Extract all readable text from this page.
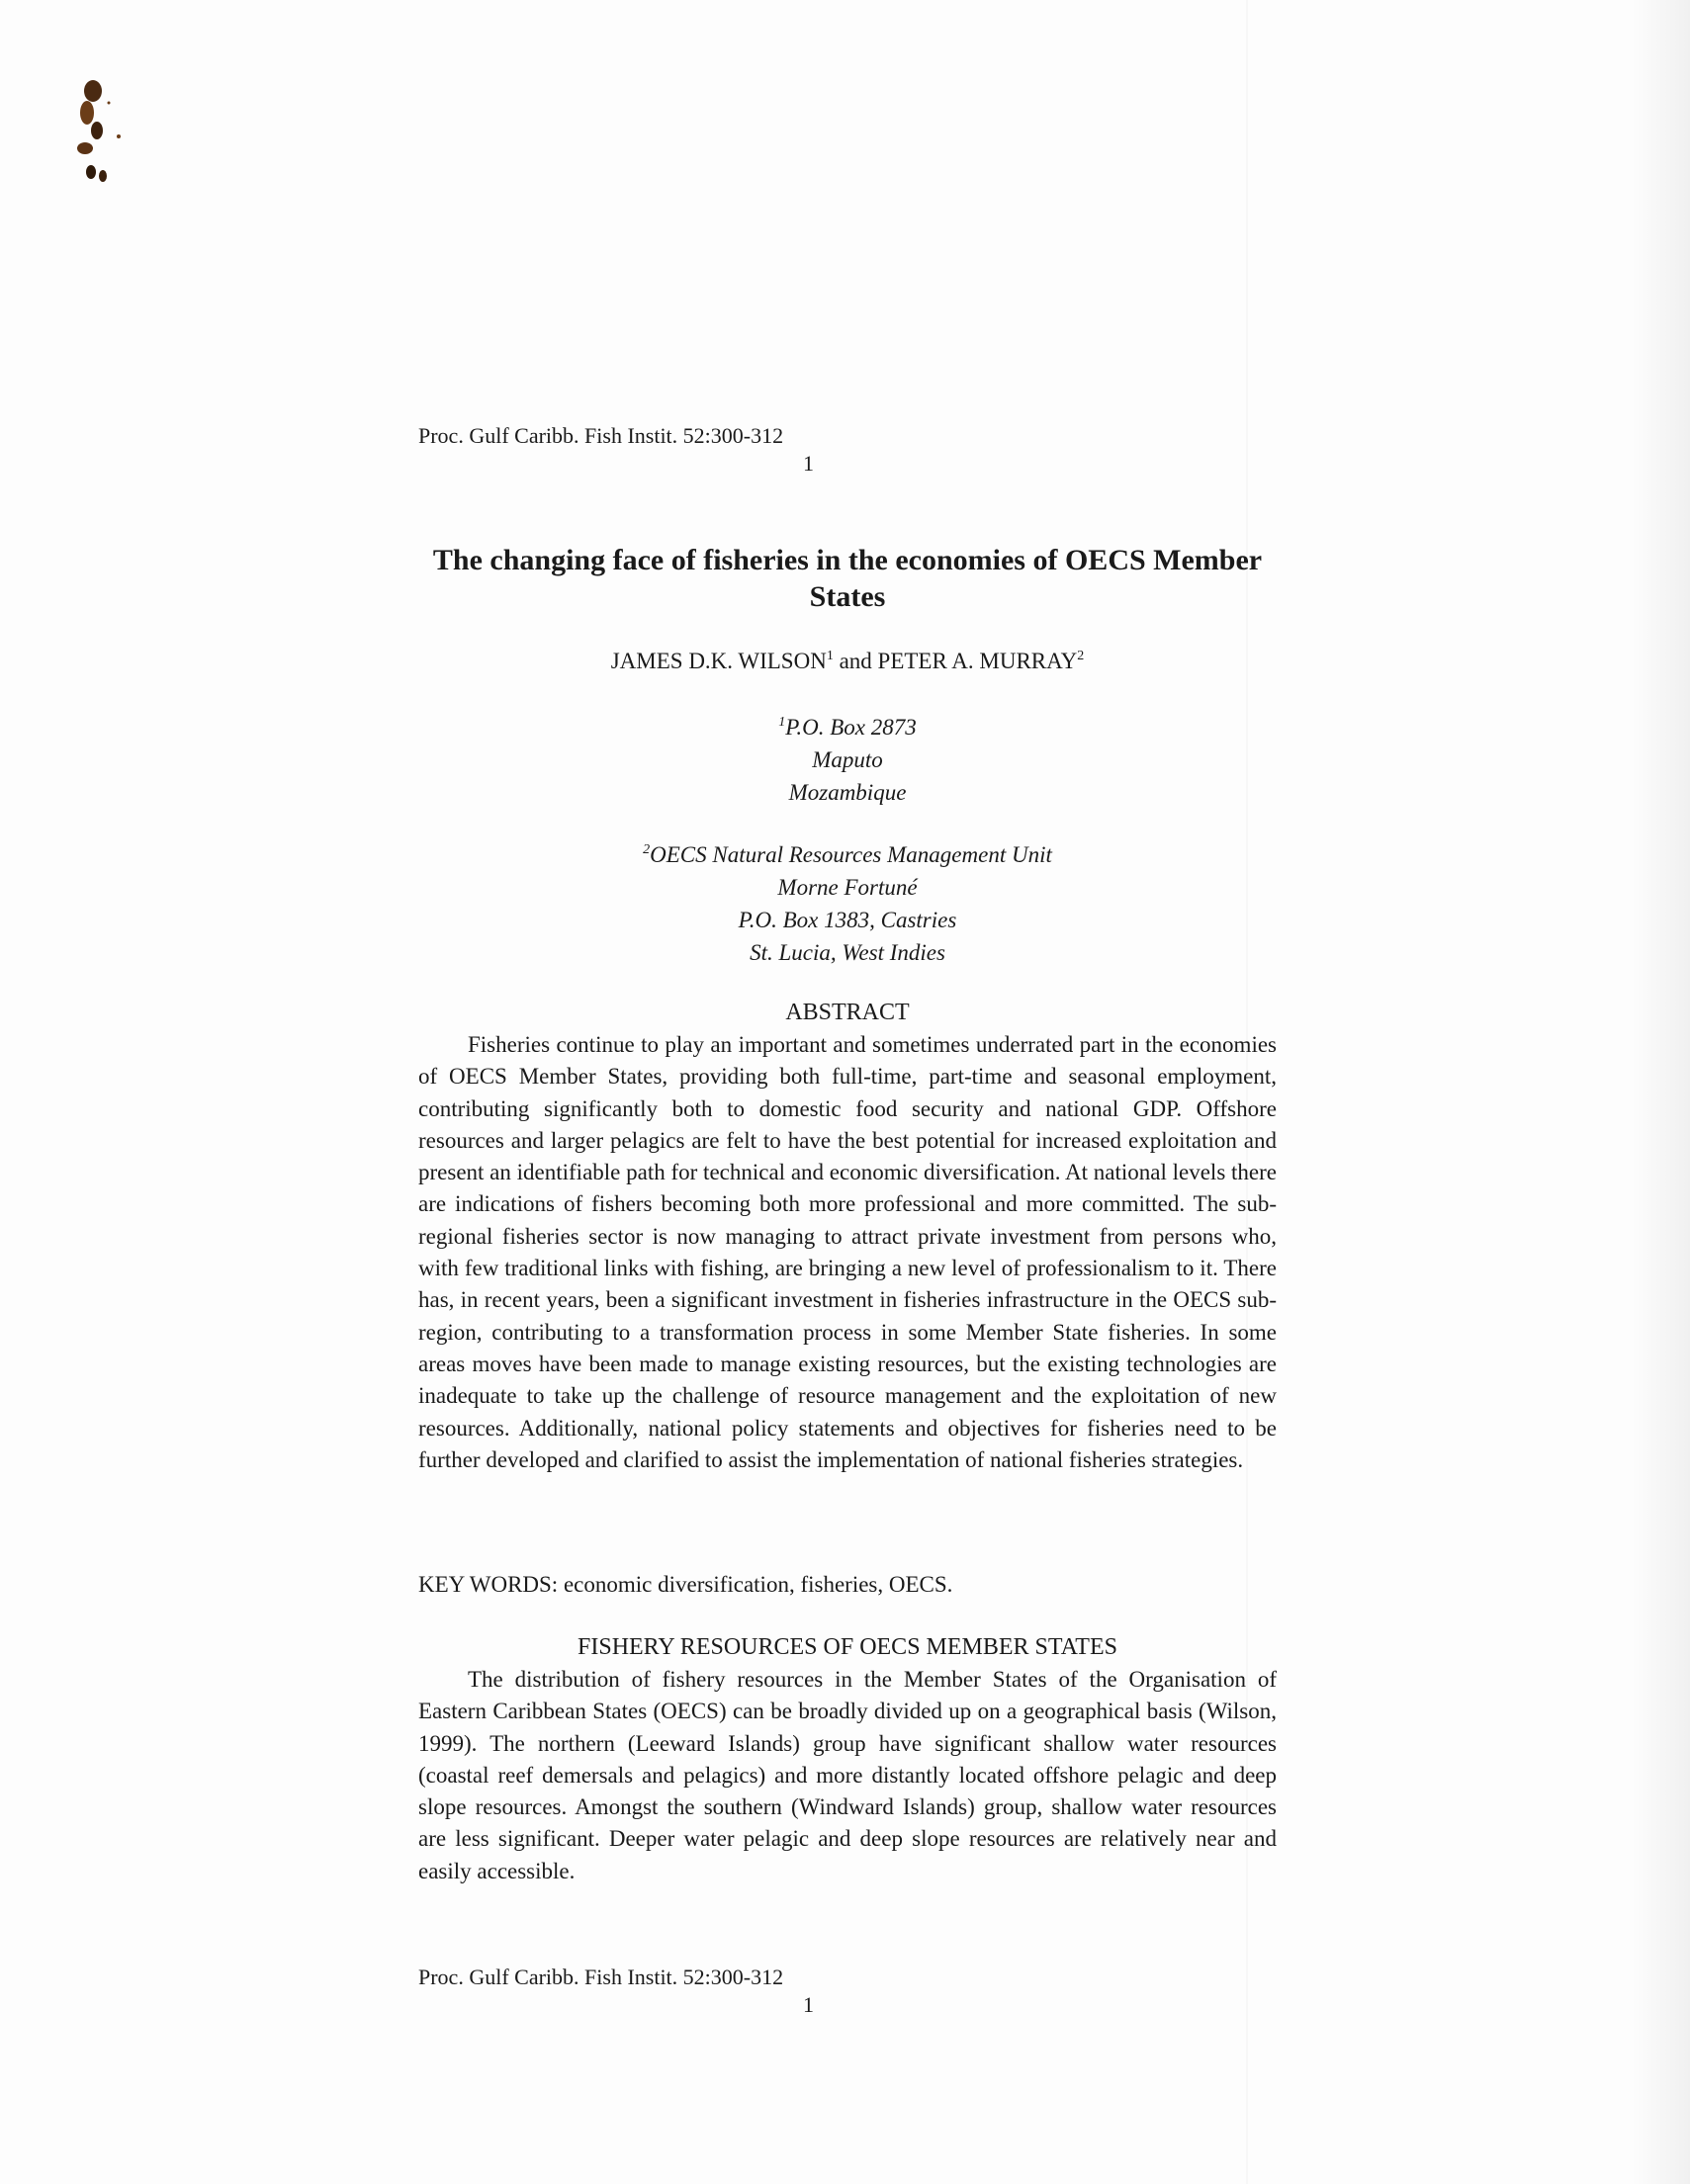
Proc. Gulf Caribb. Fish Instit. 52:300-312
1
The changing face of fisheries in the economies of OECS Member States
JAMES D.K. WILSON$^1$ and PETER A. MURRAY$^2$
$^1$P.O. Box 2873
Maputo
Mozambique
$^2$OECS Natural Resources Management Unit
Morne Fortuné
P.O. Box 1383, Castries
St. Lucia, West Indies
ABSTRACT
Fisheries continue to play an important and sometimes underrated part in the economies of OECS Member States, providing both full-time, part-time and seasonal employment, contributing significantly both to domestic food security and national GDP. Offshore resources and larger pelagics are felt to have the best potential for increased exploitation and present an identifiable path for technical and economic diversification. At national levels there are indications of fishers becoming both more professional and more committed. The sub-regional fisheries sector is now managing to attract private investment from persons who, with few traditional links with fishing, are bringing a new level of professionalism to it. There has, in recent years, been a significant investment in fisheries infrastructure in the OECS sub-region, contributing to a transformation process in some Member State fisheries. In some areas moves have been made to manage existing resources, but the existing technologies are inadequate to take up the challenge of resource management and the exploitation of new resources. Additionally, national policy statements and objectives for fisheries need to be further developed and clarified to assist the implementation of national fisheries strategies.
KEY WORDS: economic diversification, fisheries, OECS.
FISHERY RESOURCES OF OECS MEMBER STATES
The distribution of fishery resources in the Member States of the Organisation of Eastern Caribbean States (OECS) can be broadly divided up on a geographical basis (Wilson, 1999). The northern (Leeward Islands) group have significant shallow water resources (coastal reef demersals and pelagics) and more distantly located offshore pelagic and deep slope resources. Amongst the southern (Windward Islands) group, shallow water resources are less significant. Deeper water pelagic and deep slope resources are relatively near and easily accessible.
Proc. Gulf Caribb. Fish Instit. 52:300-312
1
